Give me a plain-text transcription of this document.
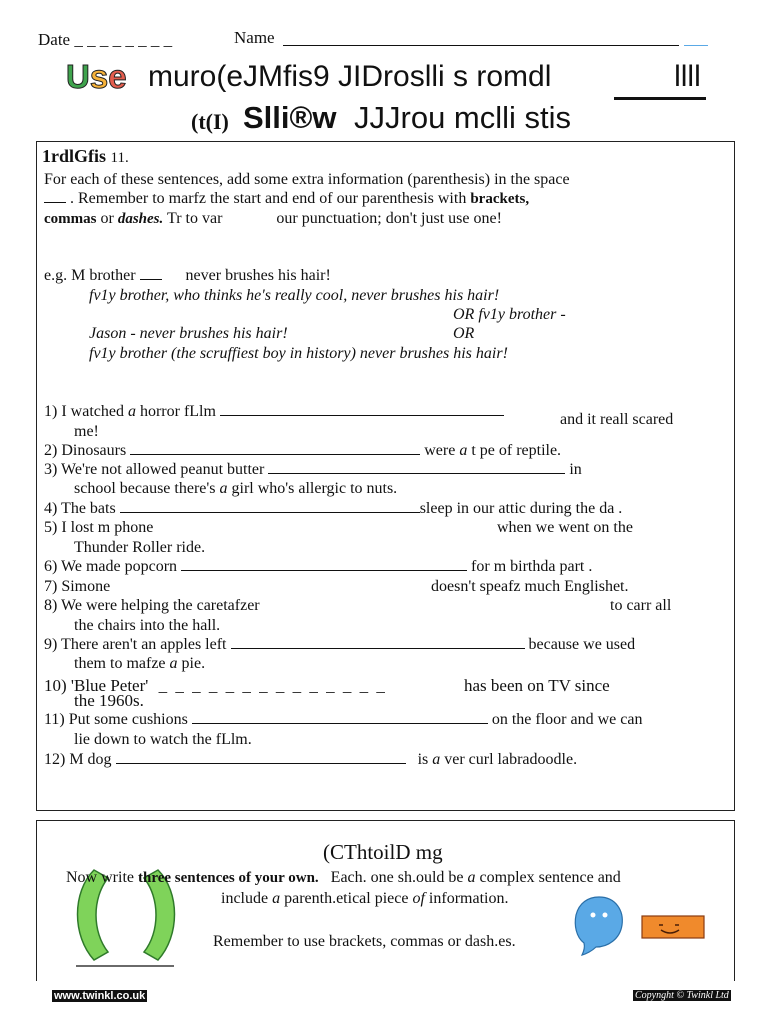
Date _ _ _ _ _ _ _ _	Name
Use muro(eJMfis9 JIDroslli s romdl	llll
(t(I) Slli®w JJJrou mclli stis
1rdlGfis 11.
For each of these sentences, add some extra information (parenthesis) in the space
. Remember to marfz the start and end of our parenthesis with brackets,
commas or dashes. Tr to var	our punctuation; don't just use one!
e.g. M brother	never brushes his hair!
fv1y brother, who thinks he's really cool, never brushes his hair!
OR fv1y brother -
Jason - never brushes his hair!	OR
fv1y brother (the scruffiest boy in history) never brushes his hair!
1) I watched a horror fLlm	and it reall scared
me!
2) Dinosaurs	were a t pe of reptile.
3) We're not allowed peanut butter	in
school because there's a girl who's allergic to nuts.
4) The bats	sleep in our attic during the da .
5) I lost m phone	when we went on the
Thunder Roller ride.
6) We made popcorn	for m birthda part .
7) Simone	doesn't speafz much Englishet.
8) We were helping the caretafzer	to carr all
the chairs into the hall.
9) There aren't an apples left	because we used
them to mafze a pie.
10) 'Blue Peter' _ _ _ _ _ _ _ _ _ _ _ _ _ _	has been on TV since
the 1960s.
11) Put some cushions	on the floor and we can
lie down to watch the fLlm.
12) M dog	is a ver curl labradoodle.
(CThtoilD mg
Now write three sentences of your own. Each. one sh.ould be a complex sentence and
include a parenth.etical piece of information.
Remember to use brackets, commas or dash.es.
www.twinkl.co.uk	Copynght © Twinkl Ltd
